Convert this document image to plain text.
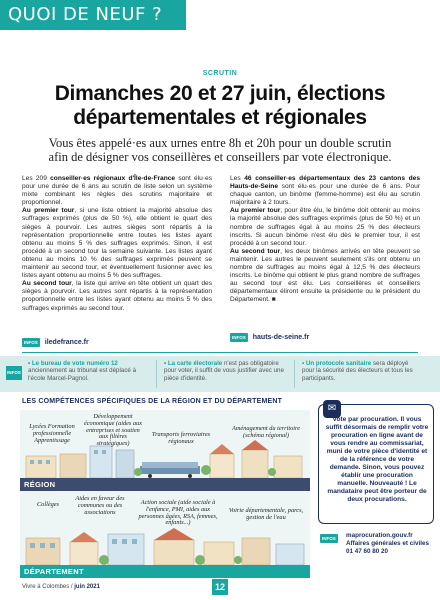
QUOI DE NEUF ?
SCRUTIN
Dimanches 20 et 27 juin, élections départementales et régionales

Vous êtes appelé·es aux urnes entre 8h et 20h pour un double scrutin afin de désigner vos conseillères et conseillers par vote électronique.

Les 209 conseiller·es régionaux d'Île-de-France sont élu·es pour une durée de 6 ans au scrutin de liste selon un système mixte combinant les règles des scrutins majoritaire et proportionnel.

Au premier tour, si une liste obtient la majorité absolue des suffrages exprimés (plus de 50 %), elle obtient le quart des sièges à pourvoir. Les autres sièges sont répartis à la représentation proportionnelle entre toutes les listes ayant obtenu au moins 5 % des suffrages exprimés. Sinon, il est procédé à un second tour la semaine suivante. Les listes ayant obtenu au moins 10 % des suffrages exprimés peuvent se maintenir au second tour, et éventuellement fusionner avec les listes ayant obtenu au moins 5 % des suffrages.

Au second tour, la liste qui arrive en tête obtient un quart des sièges à pourvoir. Les autres sont répartis à la représentation proportionnelle entre les listes ayant obtenu au moins 5 % des suffrages exprimés au second tour.

Les 46 conseiller·es départementaux des 23 cantons des Hauts-de-Seine sont élu·es pour une durée de 6 ans. Pour chaque canton, un binôme (femme-homme) est élu au scrutin majoritaire à 2 tours.

Au premier tour, pour être élu, le binôme doit obtenir au moins la majorité absolue des suffrages exprimés (plus de 50 %) et un nombre de suffrages égal à au moins 25 % des électeurs inscrits. Si aucun binôme n'est élu dès le premier tour, il est procédé à un second tour.

Au second tour, les deux binômes arrivés en tête peuvent se maintenir. Les autres le peuvent seulement s'ils ont obtenu un nombre de suffrages au moins égal à 12,5 % des électeurs inscrits. Le binôme qui obtient le plus grand nombre de suffrages au second tour est élu. Les conseillères et conseillers départementaux éliront ensuite la présidente ou le président du Département. ■

INFOS iledefrance.fr
INFOS hauts-de-seine.fr
INFOS
• Le bureau de vote numéro 12 anciennement au tribunal est déplacé à l'école Marcel-Pagnol.
• La carte électorale n'est pas obligatoire pour voter, il suffit de vous justifier avec une pièce d'identité.
• Un protocole sanitaire sera déployé pour la sécurité des électeurs et tous les participants.
LES COMPÉTENCES SPÉCIFIQUES DE LA RÉGION ET DU DÉPARTEMENT
RÉGION
DÉPARTEMENT
Lycées Formation professionnelle Apprentissage
Développement économique (aides aux entreprises et soutien aux filières stratégiques)
Transports ferroviaires régionaux
Aménagement du territoire (schéma régional)
Collèges
Aides en faveur des communes ou des associations
Action sociale (aide sociale à l'enfance, PMI, aides aux personnes âgées, RSA, femmes, enfants...)
Voirie départementale, parcs, gestion de l'eau
✉
Vote par procuration. Il vous suffit désormais de remplir votre procuration en ligne avant de vous rendre au commissariat, muni de votre pièce d'identité et de la référence de votre demande. Sinon, vous pouvez établir une procuration manuelle. Nouveauté ! Le mandataire peut être porteur de deux procurations.
INFOS	maprocuration.gouv.fr
Affaires générales et civiles
01 47 60 80 20
Vivre à Colombes / juin 2021	12
